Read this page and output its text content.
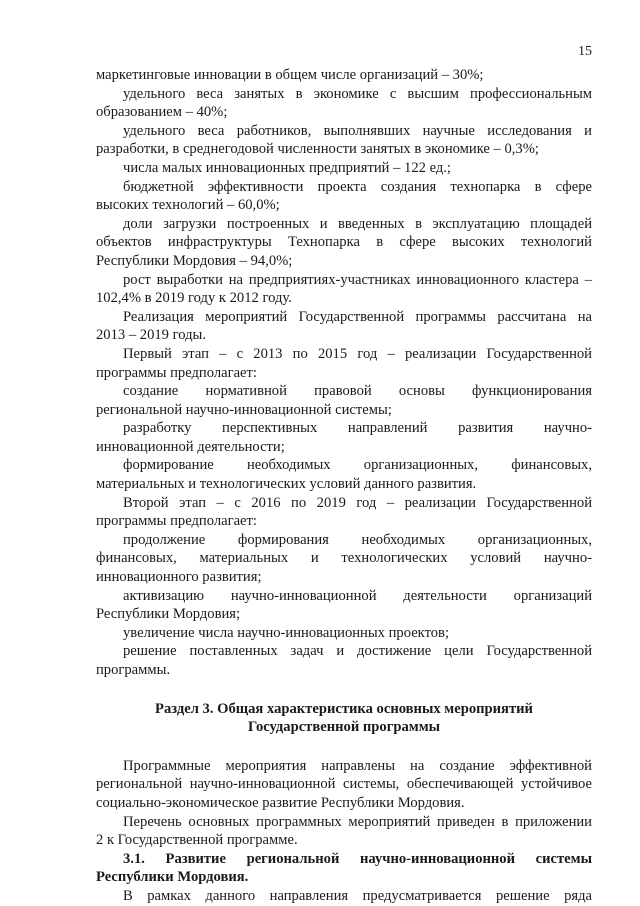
15

маркетинговые инновации в общем числе организаций – 30%;

удельного веса занятых в экономике с высшим профессиональным

образованием – 40%;

удельного веса работников, выполнявших научные исследования и

разработки, в среднегодовой численности занятых в экономике – 0,3%;

числа малых инновационных предприятий – 122 ед.;

бюджетной эффективности проекта создания технопарка в сфере

высоких технологий – 60,0%;

доли загрузки построенных и введенных в эксплуатацию площадей

объектов инфраструктуры Технопарка в сфере высоких технологий

Республики Мордовия – 94,0%;

рост выработки на предприятиях-участниках инновационного кластера –

102,4% в 2019 году к 2012 году.

Реализация мероприятий Государственной программы рассчитана на

2013 – 2019 годы.

Первый этап – с 2013 по 2015 год – реализации Государственной

программы предполагает:

создание нормативной правовой основы функционирования

региональной научно-инновационной системы;

разработку перспективных направлений развития научно-

инновационной деятельности;

формирование необходимых организационных, финансовых,

материальных и технологических условий данного развития.

Второй этап – с 2016 по 2019 год – реализации Государственной

программы предполагает:

продолжение формирования необходимых организационных,

финансовых, материальных и технологических условий научно-

инновационного развития;

активизацию научно-инновационной деятельности организаций

Республики Мордовия;

увеличение числа научно-инновационных проектов;

решение поставленных задач и достижение цели Государственной

программы.

Раздел 3. Общая характеристика основных мероприятий

Государственной программы

Программные мероприятия направлены на создание эффективной

региональной научно-инновационной системы, обеспечивающей устойчивое

социально-экономическое развитие Республики Мордовия.

Перечень основных программных мероприятий приведен в приложении

2 к Государственной программе.

3.1. Развитие региональной научно-инновационной системы

Республики Мордовия.

В рамках данного направления предусматривается решение ряда
